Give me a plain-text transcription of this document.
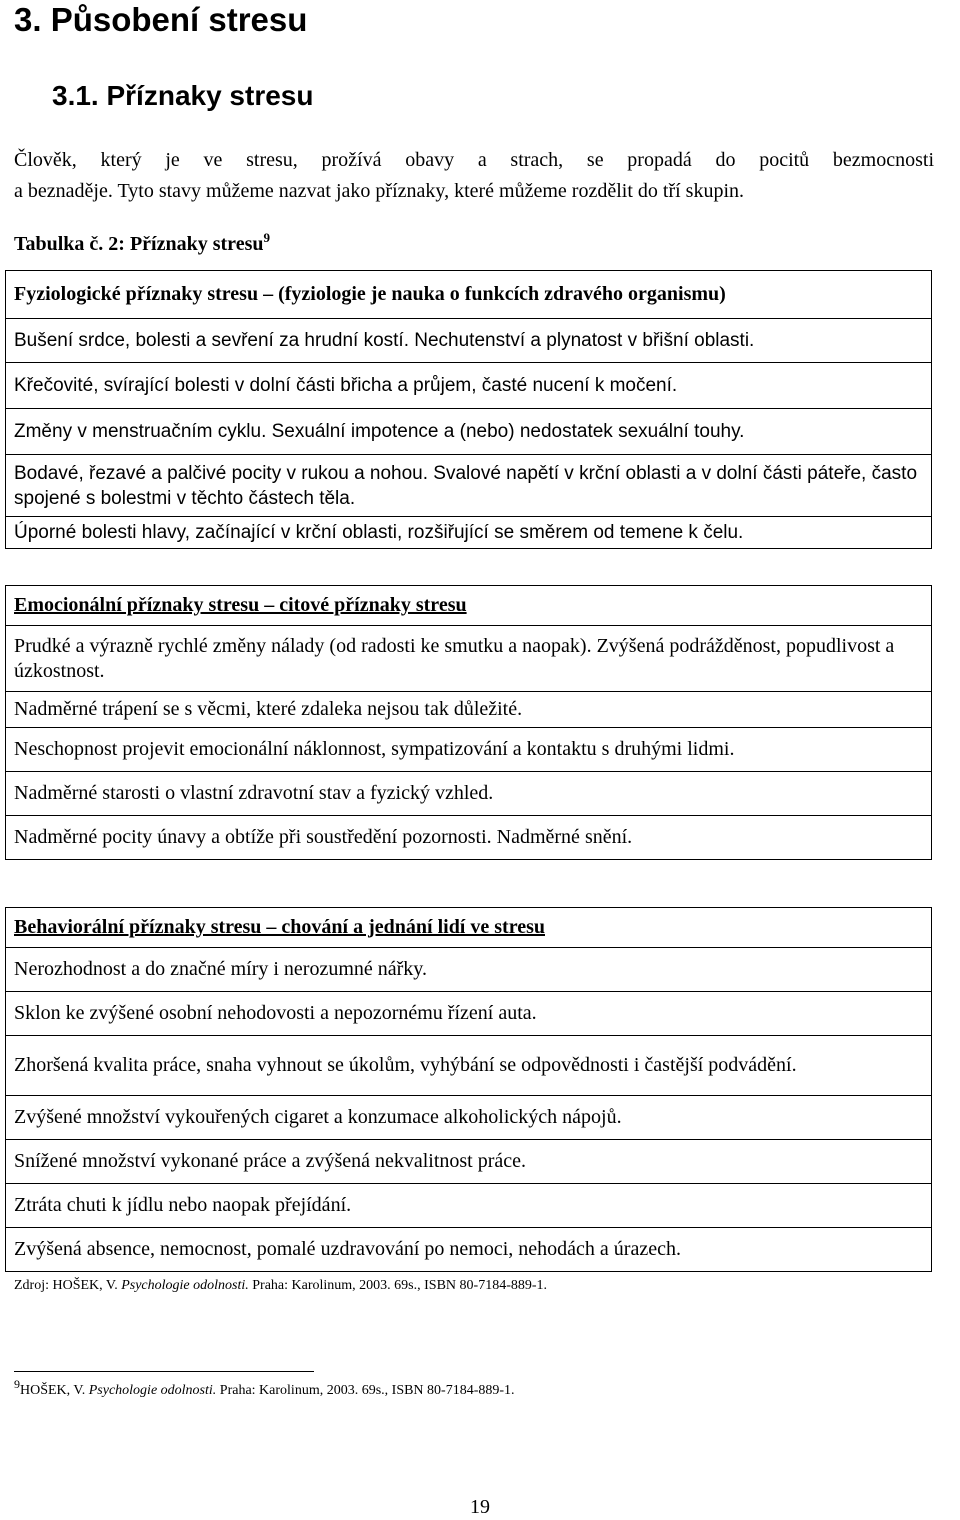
3. Působení stresu
3.1. Příznaky stresu
Člověk, který je ve stresu, prožívá obavy a strach, se propadá do pocitů bezmocnosti
a beznaděje. Tyto stavy můžeme nazvat jako příznaky, které můžeme rozdělit do tří skupin.
Tabulka č. 2: Příznaky stresu$^9$
Fyziologické příznaky stresu – (fyziologie je nauka o funkcích zdravého organismu)
Bušení srdce, bolesti a sevření za hrudní kostí. Nechutenství a plynatost v břišní oblasti.
Křečovité, svírající bolesti v dolní části břicha a průjem, časté nucení k močení.
Změny v menstruačním cyklu. Sexuální impotence a (nebo) nedostatek sexuální touhy.
Bodavé, řezavé a palčivé pocity v rukou a nohou. Svalové napětí v krční oblasti a v dolní části páteře, často spojené s bolestmi v těchto částech těla.
Úporné bolesti hlavy, začínající v krční oblasti, rozšiřující se směrem od temene k čelu.
Emocionální příznaky stresu – citové příznaky stresu
Prudké a výrazně rychlé změny nálady (od radosti ke smutku a naopak). Zvýšená podrážděnost, popudlivost a úzkostnost.
Nadměrné trápení se s věcmi, které zdaleka nejsou tak důležité.
Neschopnost projevit emocionální náklonnost, sympatizování a kontaktu s druhými lidmi.
Nadměrné starosti o vlastní zdravotní stav a fyzický vzhled.
Nadměrné pocity únavy a obtíže při soustředění pozornosti. Nadměrné snění.
Behaviorální příznaky stresu – chování a jednání lidí ve stresu
Nerozhodnost a do značné míry i nerozumné nářky.
Sklon ke zvýšené osobní nehodovosti a nepozornému řízení auta.
Zhoršená kvalita práce, snaha vyhnout se úkolům, vyhýbání se odpovědnosti i častější podvádění.
Zvýšené množství vykouřených cigaret a konzumace alkoholických nápojů.
Snížené množství vykonané práce a zvýšená nekvalitnost práce.
Ztráta chuti k jídlu nebo naopak přejídání.
Zvýšená absence, nemocnost, pomalé uzdravování po nemoci, nehodách a úrazech.
Zdroj: HOŠEK, V. Psychologie odolnosti. Praha: Karolinum, 2003. 69s., ISBN 80-7184-889-1.
$^9$HOŠEK, V. Psychologie odolnosti. Praha: Karolinum, 2003. 69s., ISBN 80-7184-889-1.
19
